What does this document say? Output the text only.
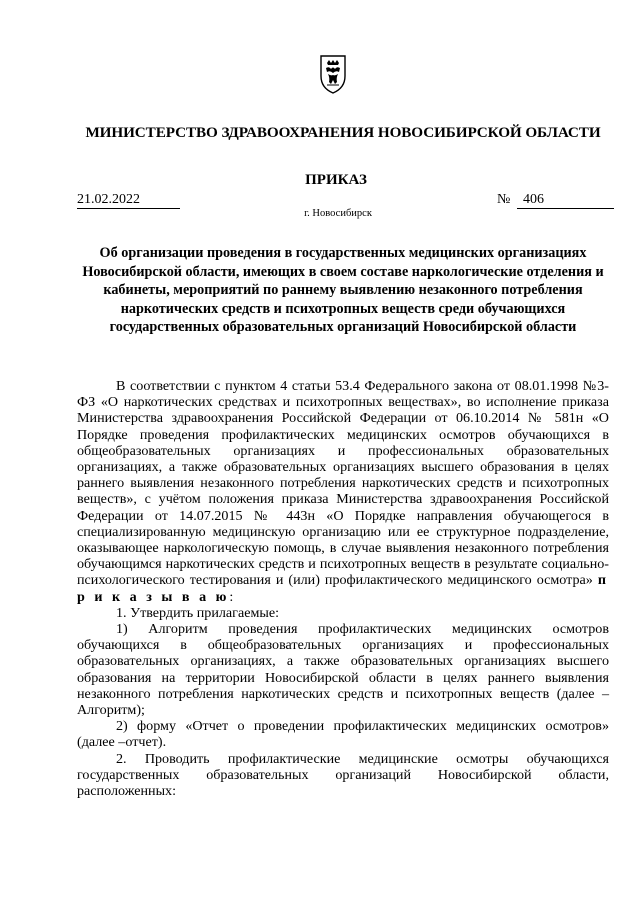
МИНИСТЕРСТВО ЗДРАВООХРАНЕНИЯ НОВОСИБИРСКОЙ ОБЛАСТИ
ПРИКАЗ
21.02.2022	№ 406
г. Новосибирск
Об организации проведения в государственных медицинских организациях Новосибирской области, имеющих в своем составе наркологические отделения и кабинеты, мероприятий по раннему выявлению незаконного потребления наркотических средств и психотропных веществ среди обучающихся государственных образовательных организаций Новосибирской области

В соответствии с пунктом 4 статьи 53.4 Федерального закона от 08.01.1998 №3-ФЗ «О наркотических средствах и психотропных веществах», во исполнение приказа Министерства здравоохранения Российской Федерации от 06.10.2014 № 581н «О Порядке проведения профилактических медицинских осмотров обучающихся в общеобразовательных организациях и профессиональных образовательных организациях, а также образовательных организациях высшего образования в целях раннего выявления незаконного потребления наркотических средств и психотропных веществ», с учётом положения приказа Министерства здравоохранения Российской Федерации от 14.07.2015 № 443н «О Порядке направления обучающегося в специализированную медицинскую организацию или ее структурное подразделение, оказывающее наркологическую помощь, в случае выявления незаконного потребления обучающимся наркотических средств и психотропных веществ в результате социально-психологического тестирования и (или) профилактического медицинского осмотра» п р и к а з ы в а ю:

1. Утвердить прилагаемые:

1) Алгоритм проведения профилактических медицинских осмотров обучающихся в общеобразовательных организациях и профессиональных образовательных организациях, а также образовательных организациях высшего образования на территории Новосибирской области в целях раннего выявления незаконного потребления наркотических средств и психотропных веществ (далее – Алгоритм);

2) форму «Отчет о проведении профилактических медицинских осмотров» (далее –отчет).

2. Проводить профилактические медицинские осмотры обучающихся государственных образовательных организаций Новосибирской области, расположенных:
